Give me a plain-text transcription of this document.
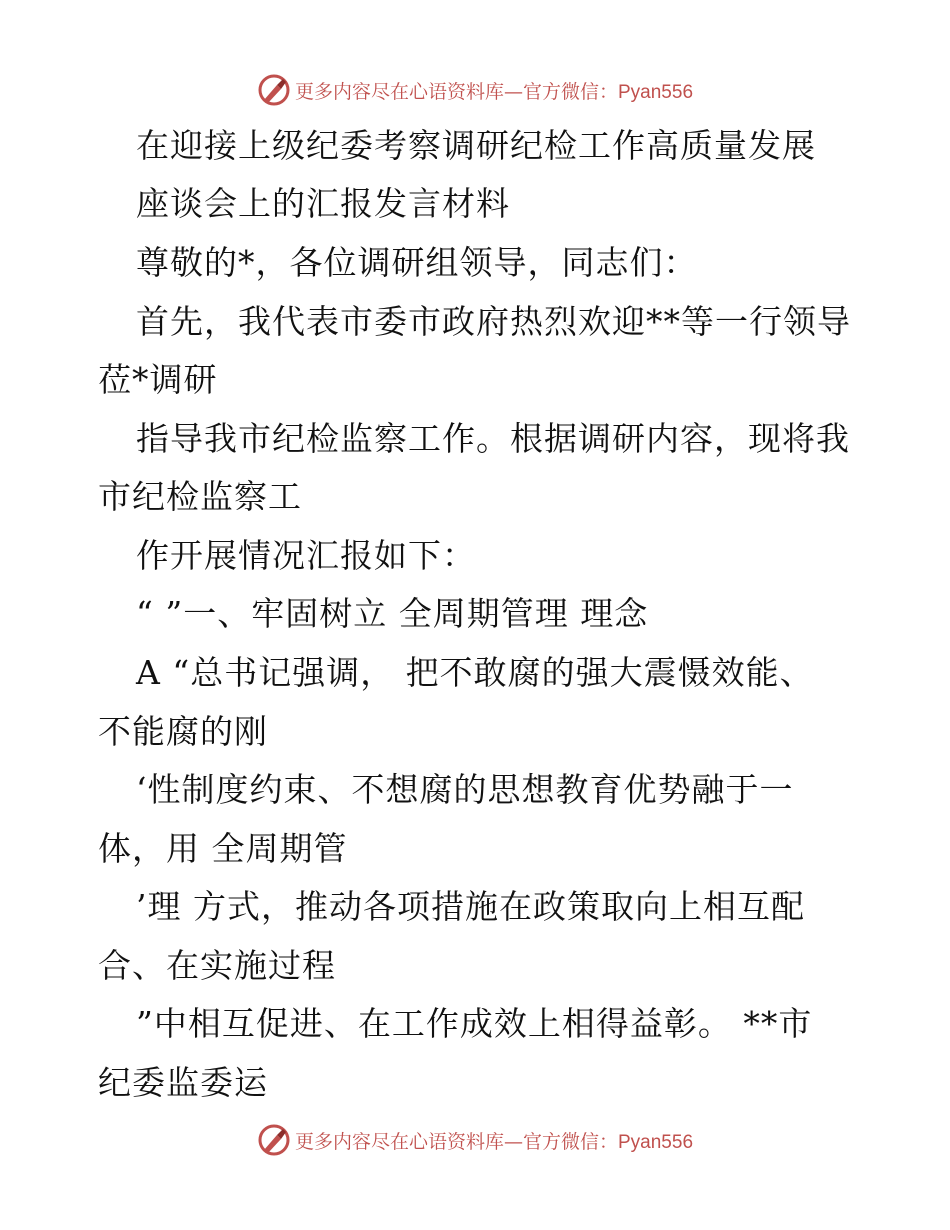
更多内容尽在心语资料库—官方微信：Pyan556
在迎接上级纪委考察调研纪检工作高质量发展
座谈会上的汇报发言材料
尊敬的*，各位调研组领导，同志们：
首先，我代表市委市政府热烈欢迎**等一行领导
莅*调研
指导我市纪检监察工作。根据调研内容，现将我
市纪检监察工
作开展情况汇报如下：
“ ”一、牢固树立 全周期管理 理念
A “总书记强调， 把不敢腐的强大震慑效能、
不能腐的刚
‘性制度约束、不想腐的思想教育优势融于一
体，用 全周期管
’理 方式，推动各项措施在政策取向上相互配
合、在实施过程
”中相互促进、在工作成效上相得益彰。 **市
纪委监委运
更多内容尽在心语资料库—官方微信：Pyan556
